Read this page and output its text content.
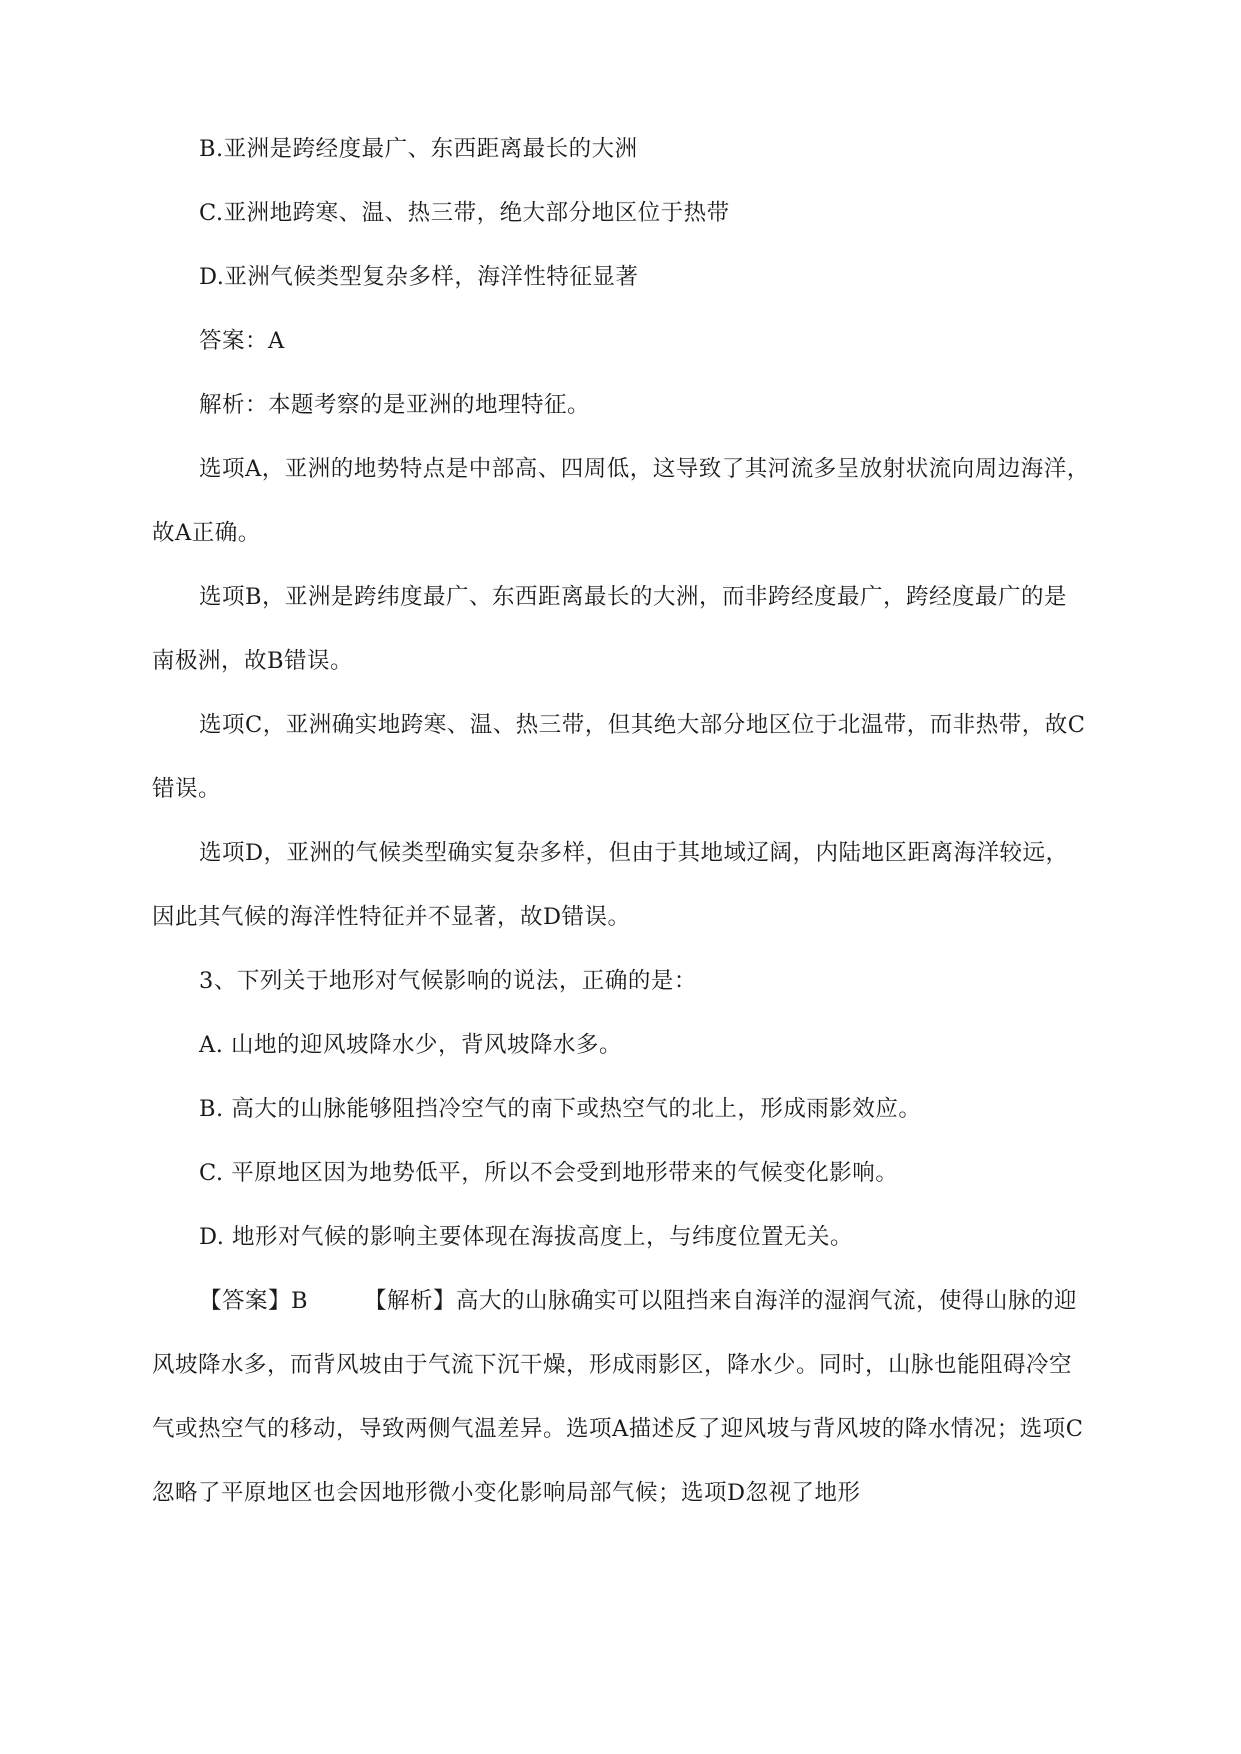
B.亚洲是跨经度最广、东西距离最长的大洲

C.亚洲地跨寒、温、热三带，绝大部分地区位于热带

D.亚洲气候类型复杂多样，海洋性特征显著

答案：A

解析：本题考察的是亚洲的地理特征。

选项A，亚洲的地势特点是中部高、四周低，这导致了其河流多呈放射状流向周边海洋，故A正确。

选项B，亚洲是跨纬度最广、东西距离最长的大洲，而非跨经度最广，跨经度最广的是南极洲，故B错误。

选项C，亚洲确实地跨寒、温、热三带，但其绝大部分地区位于北温带，而非热带，故C错误。

选项D，亚洲的气候类型确实复杂多样，但由于其地域辽阔，内陆地区距离海洋较远，因此其气候的海洋性特征并不显著，故D错误。

3、下列关于地形对气候影响的说法，正确的是：

A. 山地的迎风坡降水少，背风坡降水多。

B. 高大的山脉能够阻挡冷空气的南下或热空气的北上，形成雨影效应。

C. 平原地区因为地势低平，所以不会受到地形带来的气候变化影响。

D. 地形对气候的影响主要体现在海拔高度上，与纬度位置无关。

【答案】B 【解析】高大的山脉确实可以阻挡来自海洋的湿润气流，使得山脉的迎风坡降水多，而背风坡由于气流下沉干燥，形成雨影区，降水少。同时，山脉也能阻碍冷空气或热空气的移动，导致两侧气温差异。选项A描述反了迎风坡与背风坡的降水情况；选项C忽略了平原地区也会因地形微小变化影响局部气候；选项D忽视了地形
